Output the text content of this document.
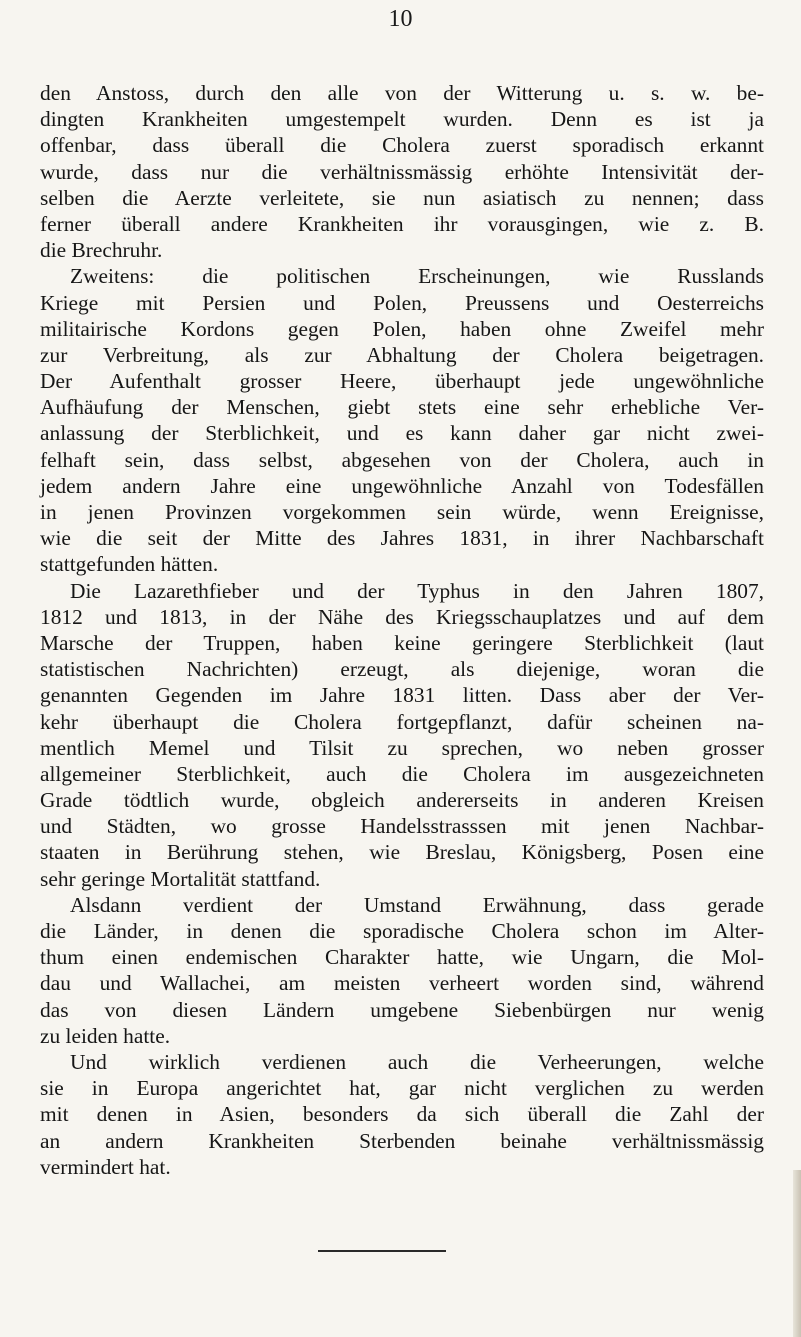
10
den Anstoss, durch den alle von der Witterung u. s. w. be-
dingten Krankheiten umgestempelt wurden. Denn es ist ja
offenbar, dass überall die Cholera zuerst sporadisch erkannt
wurde, dass nur die verhältnissmässig erhöhte Intensivität der-
selben die Aerzte verleitete, sie nun asiatisch zu nennen; dass
ferner überall andere Krankheiten ihr vorausgingen, wie z. B.
die Brechruhr.
Zweitens: die politischen Erscheinungen, wie Russlands
Kriege mit Persien und Polen, Preussens und Oesterreichs
militairische Kordons gegen Polen, haben ohne Zweifel mehr
zur Verbreitung, als zur Abhaltung der Cholera beigetragen.
Der Aufenthalt grosser Heere, überhaupt jede ungewöhnliche
Aufhäufung der Menschen, giebt stets eine sehr erhebliche Ver-
anlassung der Sterblichkeit, und es kann daher gar nicht zwei-
felhaft sein, dass selbst, abgesehen von der Cholera, auch in
jedem andern Jahre eine ungewöhnliche Anzahl von Todesfällen
in jenen Provinzen vorgekommen sein würde, wenn Ereignisse,
wie die seit der Mitte des Jahres 1831, in ihrer Nachbarschaft
stattgefunden hätten.
Die Lazarethfieber und der Typhus in den Jahren 1807,
1812 und 1813, in der Nähe des Kriegsschauplatzes und auf dem
Marsche der Truppen, haben keine geringere Sterblichkeit (laut
statistischen Nachrichten) erzeugt, als diejenige, woran die
genannten Gegenden im Jahre 1831 litten. Dass aber der Ver-
kehr überhaupt die Cholera fortgepflanzt, dafür scheinen na-
mentlich Memel und Tilsit zu sprechen, wo neben grosser
allgemeiner Sterblichkeit, auch die Cholera im ausgezeichneten
Grade tödtlich wurde, obgleich andererseits in anderen Kreisen
und Städten, wo grosse Handelsstrasssen mit jenen Nachbar-
staaten in Berührung stehen, wie Breslau, Königsberg, Posen eine
sehr geringe Mortalität stattfand.
Alsdann verdient der Umstand Erwähnung, dass gerade
die Länder, in denen die sporadische Cholera schon im Alter-
thum einen endemischen Charakter hatte, wie Ungarn, die Mol-
dau und Wallachei, am meisten verheert worden sind, während
das von diesen Ländern umgebene Siebenbürgen nur wenig
zu leiden hatte.
Und wirklich verdienen auch die Verheerungen, welche
sie in Europa angerichtet hat, gar nicht verglichen zu werden
mit denen in Asien, besonders da sich überall die Zahl der
an andern Krankheiten Sterbenden beinahe verhältnissmässig
vermindert hat.
